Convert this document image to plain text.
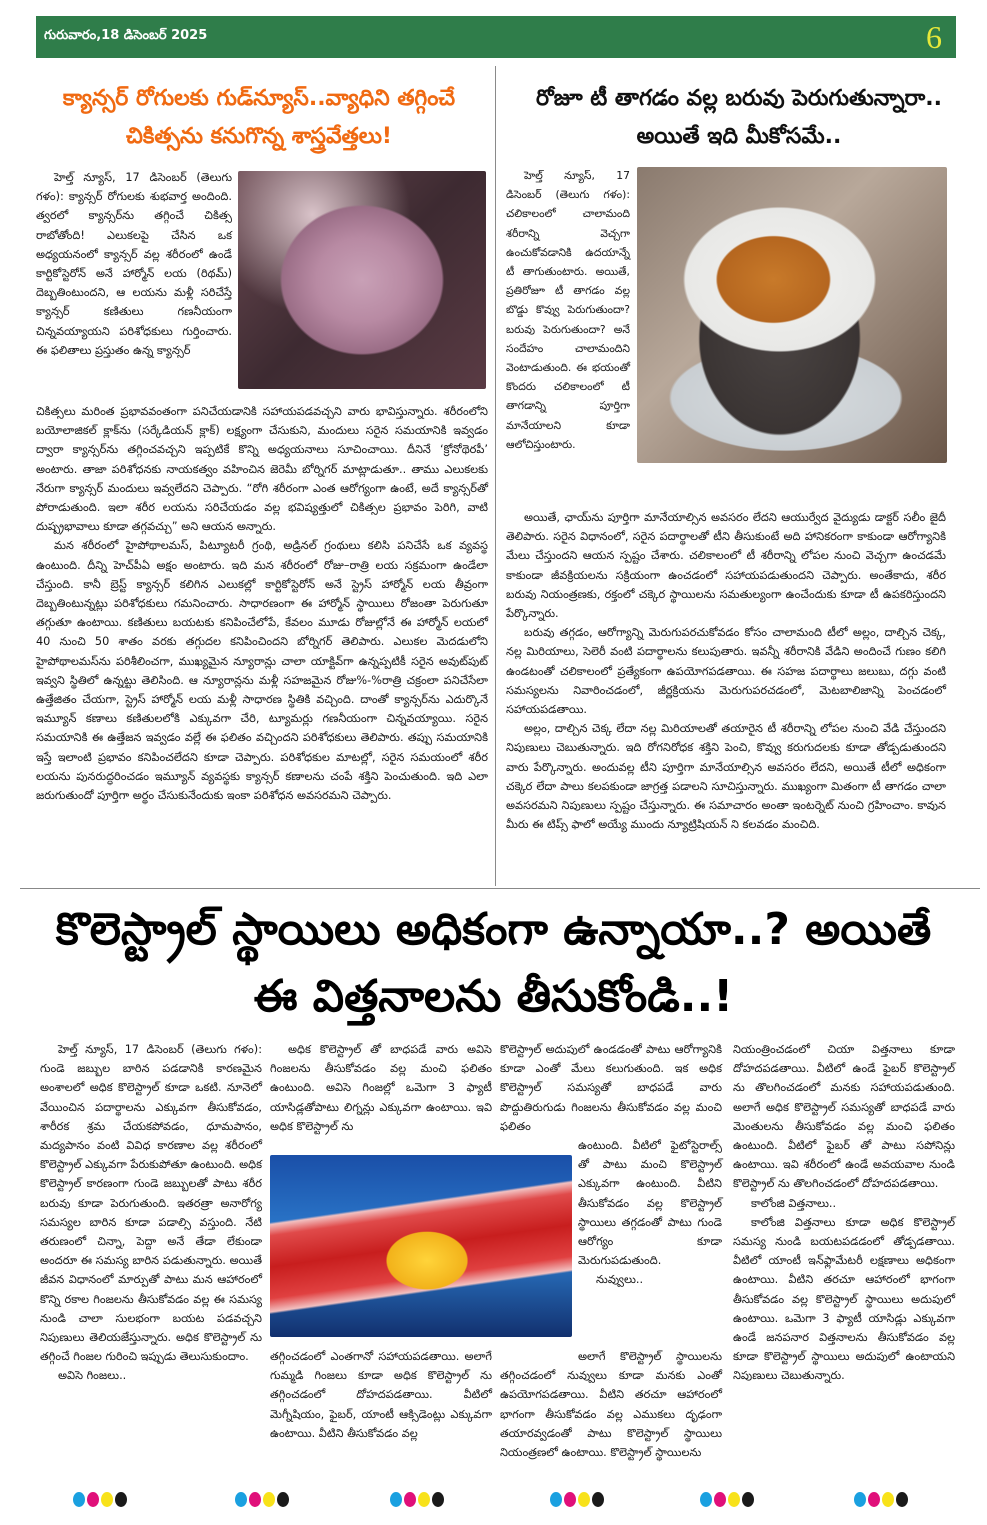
గురువారం,18 డిసెంబర్ 2025	6
క్యాన్సర్ రోగులకు గుడ్‌న్యూస్..వ్యాధిని తగ్గించే
చికిత్సను కనుగొన్న శాస్త్రవేత్తలు!

హెల్త్ న్యూస్, 17 డిసెంబర్ (తెలుగు గళం): క్యాన్సర్ రోగులకు శుభవార్త అందింది. త్వరలో క్యాన్సర్‌ను తగ్గించే చికిత్స రాబోతోంది! ఎలుకలపై చేసిన ఒక అధ్యయనంలో క్యాన్సర్ వల్ల శరీరంలో ఉండే కార్టికోస్టెరోన్ అనే హార్మోన్ లయ (రిథమ్) దెబ్బతింటుందని, ఆ లయను మళ్లీ సరిచేస్తే క్యాన్సర్ కణితులు గణనీయంగా చిన్నవయ్యాయని పరిశోధకులు గుర్తించారు. ఈ ఫలితాలు ప్రస్తుతం ఉన్న క్యాన్సర్

చికిత్సలు మరింత ప్రభావవంతంగా పనిచేయడానికి సహాయపడవచ్చని వారు భావిస్తున్నారు. శరీరంలోని బయోలాజికల్ క్లాక్‌ను (సర్కేడియన్ క్లాక్) లక్ష్యంగా చేసుకుని, మందులు సరైన సమయానికి ఇవ్వడం ద్వారా క్యాన్సర్‌ను తగ్గించవచ్చని ఇప్పటికే కొన్ని అధ్యయనాలు సూచించాయి. దీనినే ‘క్రోనోథెరపీ’ అంటారు. తాజా పరిశోధనకు నాయకత్వం వహించిన జెరెమీ బోర్నిగర్ మాట్లాడుతూ.. తాము ఎలుకలకు నేరుగా క్యాన్సర్ మందులు ఇవ్వలేదని చెప్పారు. “రోగి శరీరంగా ఎంత ఆరోగ్యంగా ఉంటే, అదే క్యాన్సర్‌తో పోరాడుతుంది. ఇలా శరీర లయను సరిచేయడం వల్ల భవిష్యత్తులో చికిత్సల ప్రభావం పెరిగి, వాటి దుష్ప్రభావాలు కూడా తగ్గవచ్చు” అని ఆయన అన్నారు.

మన శరీరంలో హైపోథాలమస్, పిట్యూటరీ గ్రంథి, అడ్రినల్ గ్రంథులు కలిసి పనిచేసే ఒక వ్యవస్థ ఉంటుంది. దీన్ని హెచ్‌పీఏ అక్షం అంటారు. ఇది మన శరీరంలో రోజు–రాత్రి లయ సక్రమంగా ఉండేలా చేస్తుంది. కానీ బ్రెస్ట్ క్యాన్సర్ కలిగిన ఎలుకల్లో కార్టికోస్టెరోన్ అనే స్ట్రెస్ హార్మోన్ లయ తీవ్రంగా దెబ్బతింటున్నట్లు పరిశోధకులు గమనించారు. సాధారణంగా ఈ హార్మోన్ స్థాయిలు రోజంతా పెరుగుతూ తగ్గుతూ ఉంటాయి. కణితులు బయటకు కనిపించేలోపే, కేవలం మూడు రోజుల్లోనే ఈ హార్మోన్ లయలో 40 నుంచి 50 శాతం వరకు తగ్గుదల కనిపించిందని బోర్నిగర్ తెలిపారు. ఎలుకల మెదడులోని హైపోథాలమస్‌ను పరిశీలించగా, ముఖ్యమైన న్యూరాన్లు చాలా యాక్టివ్‌గా ఉన్నప్పటికీ సరైన అవుట్‌పుట్ ఇవ్వని స్థితిలో ఉన్నట్టు తెలిసింది. ఆ న్యూరాన్లను మళ్లీ సహజమైన రోజు%-%రాత్రి చక్రంలా పనిచేసేలా ఉత్తేజితం చేయగా, స్ట్రెస్ హార్మోన్ లయ మళ్లీ సాధారణ స్థితికి వచ్చింది. దాంతో క్యాన్సర్‌ను ఎదుర్కొనే ఇమ్యూన్ కణాలు కణితులలోకి ఎక్కువగా చేరి, ట్యూమర్లు గణనీయంగా చిన్నవయ్యాయి. సరైన సమయానికి ఈ ఉత్తేజన ఇవ్వడం వల్లే ఈ ఫలితం వచ్చిందని పరిశోధకులు తెలిపారు. తప్పు సమయానికి ఇస్తే ఇలాంటి ప్రభావం కనిపించలేదని కూడా చెప్పారు. పరిశోధకుల మాటల్లో, సరైన సమయంలో శరీర లయను పునరుద్ధరించడం ఇమ్యూన్ వ్యవస్థకు క్యాన్సర్ కణాలను చంపే శక్తిని పెంచుతుంది. ఇది ఎలా జరుగుతుందో పూర్తిగా అర్థం చేసుకునేందుకు ఇంకా పరిశోధన అవసరమని చెప్పారు.

రోజూ టీ తాగడం వల్ల బరువు పెరుగుతున్నారా..
అయితే ఇది మీకోసమే..

హెల్త్ న్యూస్, 17 డిసెంబర్ (తెలుగు గళం): చలికాలంలో చాలామంది శరీరాన్ని వెచ్చగా ఉంచుకోవడానికి ఉదయాన్నే టీ తాగుతుంటారు. అయితే, ప్రతిరోజూ టీ తాగడం వల్ల బొడ్డు కొవ్వు పెరుగుతుందా? బరువు పెరుగుతుందా? అనే సందేహం చాలామందిని వెంటాడుతుంది. ఈ భయంతో కొందరు చలికాలంలో టీ తాగడాన్ని పూర్తిగా మానేయాలని కూడా ఆలోచిస్తుంటారు.

అయితే, ఛాయ్‌ను పూర్తిగా మానేయాల్సిన అవసరం లేదని ఆయుర్వేద వైద్యుడు డాక్టర్ సలీం జైదీ తెలిపారు. సరైన విధానంలో, సరైన పదార్థాలతో టీని తీసుకుంటే అది హానికరంగా కాకుండా ఆరోగ్యానికి మేలు చేస్తుందని ఆయన స్పష్టం చేశారు. చలికాలంలో టీ శరీరాన్ని లోపల నుంచి వెచ్చగా ఉంచడమే కాకుండా జీవక్రియలను సక్రియంగా ఉంచడంలో సహాయపడుతుందని చెప్పారు. అంతేకాదు, శరీర బరువు నియంత్రణకు, రక్తంలో చక్కెర స్థాయిలను సమతుల్యంగా ఉంచేందుకు కూడా టీ ఉపకరిస్తుందని పేర్కొన్నారు.

బరువు తగ్గడం, ఆరోగ్యాన్ని మెరుగుపరచుకోవడం కోసం చాలామంది టీలో అల్లం, దాల్చిన చెక్క, నల్ల మిరియాలు, సెలెరీ వంటి పదార్థాలను కలుపుతారు. ఇవన్నీ శరీరానికి వేడిని అందించే గుణం కలిగి ఉండటంతో చలికాలంలో ప్రత్యేకంగా ఉపయోగపడతాయి. ఈ సహజ పదార్థాలు జలుబు, దగ్గు వంటి సమస్యలను నివారించడంలో, జీర్ణక్రియను మెరుగుపరచడంలో, మెటబాలిజాన్ని పెంచడంలో సహాయపడతాయి.

అల్లం, దాల్చిన చెక్క లేదా నల్ల మిరియాలతో తయారైన టీ శరీరాన్ని లోపల నుంచి వేడి చేస్తుందని నిపుణులు చెబుతున్నారు. ఇది రోగనిరోధక శక్తిని పెంచి, కొవ్వు కరుగుదలకు కూడా తోడ్పడుతుందని వారు పేర్కొన్నారు. అందువల్ల టీని పూర్తిగా మానేయాల్సిన అవసరం లేదని, అయితే టీలో అధికంగా చక్కెర లేదా పాలు కలపకుండా జాగ్రత్త పడాలని సూచిస్తున్నారు. ముఖ్యంగా మితంగా టీ తాగడం చాలా అవసరమని నిపుణులు స్పష్టం చేస్తున్నారు. ఈ సమాచారం అంతా ఇంటర్నెట్ నుంచి గ్రహించాం. కావున మీరు ఈ టిప్స్ ఫాలో అయ్యే ముందు న్యూట్రిషియన్ ని కలవడం మంచిది.

కొలెస్ట్రాల్ స్థాయిలు అధికంగా ఉన్నాయా..? అయితే
ఈ విత్తనాలను తీసుకోండి..!

హెల్త్ న్యూస్, 17 డిసెంబర్ (తెలుగు గళం): గుండె జబ్బుల బారిన పడడానికి కారణమైన అంశాలలో అధిక కొలెస్ట్రాల్ కూడా ఒకటి. నూనెలో వేయించిన పదార్థాలను ఎక్కువగా తీసుకోవడం, శారీరక శ్రమ చేయకపోవడం, ధూమపానం, మద్యపానం వంటి వివిధ కారణాల వల్ల శరీరంలో కొలెస్ట్రాల్ ఎక్కువగా పేరుకుపోతూ ఉంటుంది. అధిక కొలెస్ట్రాల్ కారణంగా గుండె జబ్బులతో పాటు శరీర బరువు కూడా పెరుగుతుంది. ఇతరత్రా అనారోగ్య సమస్యల బారిన కూడా పడాల్సి వస్తుంది. నేటి తరుణంలో చిన్నా, పెద్దా అనే తేడా లేకుండా అందరూ ఈ సమస్య బారిన పడుతున్నారు. అయితే జీవన విధానంలో మార్పుతో పాటు మన ఆహారంలో కొన్ని రకాల గింజలను తీసుకోవడం వల్ల ఈ సమస్య నుండి చాలా సులభంగా బయట పడవచ్చని నిపుణులు తెలియజేస్తున్నారు. అధిక కొలెస్ట్రాల్ ను తగ్గించే గింజల గురించి ఇప్పుడు తెలుసుకుందాం.

అవిసె గింజలు..

అధిక కొలెస్ట్రాల్ తో బాధపడే వారు అవిసె గింజలను తీసుకోవడం వల్ల మంచి ఫలితం ఉంటుంది. అవిసె గింజల్లో ఒమెగా 3 ఫ్యాటీ యాసిడ్లతోపాటు లిగ్నన్లు ఎక్కువగా ఉంటాయి. ఇవి అధిక కొలెస్ట్రాల్ ను

తగ్గించడంలో ఎంతగానో సహాయపడతాయి. అలాగే గుమ్మడి గింజలు కూడా అధిక కొలెస్ట్రాల్ ను తగ్గించడంలో దోహదపడతాయి. వీటిలో మెగ్నీషియం, ఫైబర్, యాంటీ ఆక్సిడెంట్లు ఎక్కువగా ఉంటాయి. వీటిని తీసుకోవడం వల్ల

కొలెస్ట్రాల్ అదుపులో ఉండడంతో పాటు ఆరోగ్యానికి కూడా ఎంతో మేలు కలుగుతుంది. ఇక అధిక కొలెస్ట్రాల్ సమస్యతో బాధపడే వారు పొద్దుతిరుగుడు గింజలను తీసుకోవడం వల్ల మంచి ఫలితం

ఉంటుంది. వీటిలో ఫైటోస్టెరాల్స్ తో పాటు మంచి కొలెస్ట్రాల్ ఎక్కువగా ఉంటుంది. వీటిని తీసుకోవడం వల్ల కొలెస్ట్రాల్ స్థాయిలు తగ్గడంతో పాటు గుండె ఆరోగ్యం కూడా మెరుగుపడుతుంది.

నువ్వులు..

అలాగే కొలెస్ట్రాల్ స్థాయిలను తగ్గించడంలో నువ్వులు కూడా మనకు ఎంతో ఉపయోగపడతాయి. వీటిని తరచూ ఆహారంలో భాగంగా తీసుకోవడం వల్ల ఎముకలు దృఢంగా తయారవ్వడంతో పాటు కొలెస్ట్రాల్ స్థాయిలు నియంత్రణలో ఉంటాయి. కొలెస్ట్రాల్ స్థాయిలను

నియంత్రించడంలో చియా విత్తనాలు కూడా దోహదపడతాయి. వీటిలో ఉండే ఫైబర్ కొలెస్ట్రాల్ ను తొలగించడంలో మనకు సహాయపడుతుంది. అలాగే అధిక కొలెస్ట్రాల్ సమస్యతో బాధపడే వారు మెంతులను తీసుకోవడం వల్ల మంచి ఫలితం ఉంటుంది. వీటిలో ఫైబర్ తో పాటు సపోనిన్లు ఉంటాయి. ఇవి శరీరంలో ఉండే అవయవాల నుండి కొలెస్ట్రాల్ ను తొలగించడంలో దోహదపడతాయి.

కాలోంజి విత్తనాలు..

కాలోంజి విత్తనాలు కూడా అధిక కొలెస్ట్రాల్ సమస్య నుండి బయటపడడంలో తోడ్పడతాయి. వీటిలో యాంటీ ఇన్‌ఫ్లామేటరీ లక్షణాలు అధికంగా ఉంటాయి. వీటిని తరచూ ఆహారంలో భాగంగా తీసుకోవడం వల్ల కొలెస్ట్రాల్ స్థాయిలు అదుపులో ఉంటాయి. ఒమెగా 3 ఫ్యాటీ యాసిడ్లు ఎక్కువగా ఉండే జనపనార విత్తనాలను తీసుకోవడం వల్ల కూడా కొలెస్ట్రాల్ స్థాయిలు అదుపులో ఉంటాయని నిపుణులు చెబుతున్నారు.
